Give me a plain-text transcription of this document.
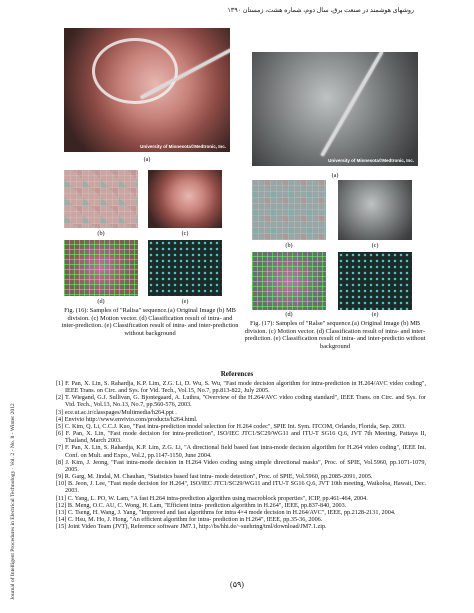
روشهای هوشمند در صنعت برق، سال دوم، شماره هشت، زمستان ۱۳۹۰
Journal of Intelligent Procedures in Electrical Technology · Vol. 2 - No. 8 - Winter 2012
University of Minnesota©Medtronic, Inc.
(a)
(b)	(c)
(d)	(e)
Fig. (16): Samples of "Ralisa" sequence.(a) Original Image (b) MB division. (c) Motion vector. (d) Classification result of intra- and inter-prediction. (e) Classification result of intra- and inter-prediction without background
University of Minnesota©Medtronic, Inc.
(a)
(b)	(c)
(d)	(e)
Fig. (17): Samples of "Ralse" sequence.(a) Original Image (b) MB division. (c) Motion vector. (d) Classification result of intra- and inter-prediction. (e) Classification result of intra- and inter-predictio without background
References

[1] F. Pan, X. Lin, S. Rahardja, K.P. Lim, Z.G. Li, D. Wu, S. Wu, "Fast mode decision algorithm for intra-prediction in H.264/AVC video coding", IEEE Trans. on Circ. and Sys. for Vid. Tech., Vol.15, No.7, pp.813-822, July 2005.

[2] T. Wiegand, G.J. Sullivan, G. Bjontegaard, A. Luthra, "Overview of the H.264/AVC video coding standard", IEEE Trans. on Circ. and Sys. for Vid. Tech., Vol.13, No.13, No.7, pp.560-576, 2003.

[3] ece.ut.ac.ir/classpages/Multimedia/h264.ppt .

[4] Envivio http://www.envivio.com/products/h264.html.

[5] C. Kim, Q. Li, C.C.J. Kuo, "Fast intra-prediction model selection for H.264 codec", SPIE Int. Sym. ITCOM, Orlando, Florida, Sep. 2003.

[6] F. Pan, X. Lin, "Fast mode decision for intra-prediction", ISO/IEC JTC1/SC29/WG11 and ITU-T SG16 Q.6, JVT 7th Meeting, Pattaya II, Thailand, March 2003.

[7] F. Pan, X. Lin, S. Rahardja, K.P. Lim, Z.G. Li, "A directional field based fast intra-mode decision algorithm for H.264 video coding", IEEE Int. Conf. on Mult. and Expo., Vol.2, pp.1147-1150, June 2004.

[8] J. Kim, J. Jeong, "Fast intra-mode decision in H.264 Video coding using simple directional masks", Proc. of SPIE, Vol.5960, pp.1071-1079, 2005.

[9] R. Garg, M. Jindal, M. Chauhan, "Statistics based fast intra- mode detection", Proc. of SPIE, Vol.5960, pp.2085-2091, 2005.

[10] B. Jeon, J. Lee, "Fast mode decision for H.264", ISO/IEC JTC1/SC29/WG11 and ITU-T SG16 Q.6, JVT 10th meeting, Waikoloa, Hawaii, Dec. 2003.

[11] C. Yang, L. PO, W. Lam, "A fast H.264 intra-prediction algorithm using macroblock properties", ICIP, pp.461-464, 2004.

[12] B. Meng, O.C. AU, C. Wong, H. Lam, "Efficient intra- prediction algorithm in H.264", IEEE, pp.837-840, 2003.

[13] C. Tseng, H. Wang, J. Yang, "Improved and fast algorithms for intra 4×4 mode decision in H.264/AVC", IEEE, pp.2128-2131, 2004.

[14] C. Hsu, M. Ho, J. Hong, "An efficient algorithm for intra- prediction in H.264", IEEE, pp.35-36, 2006.

[15] Joint Video Team (JVT), Reference software JM7.1, http://bs/hhi.de/~suehring/tml/download/JM7.1.zip.

(۵۹)
